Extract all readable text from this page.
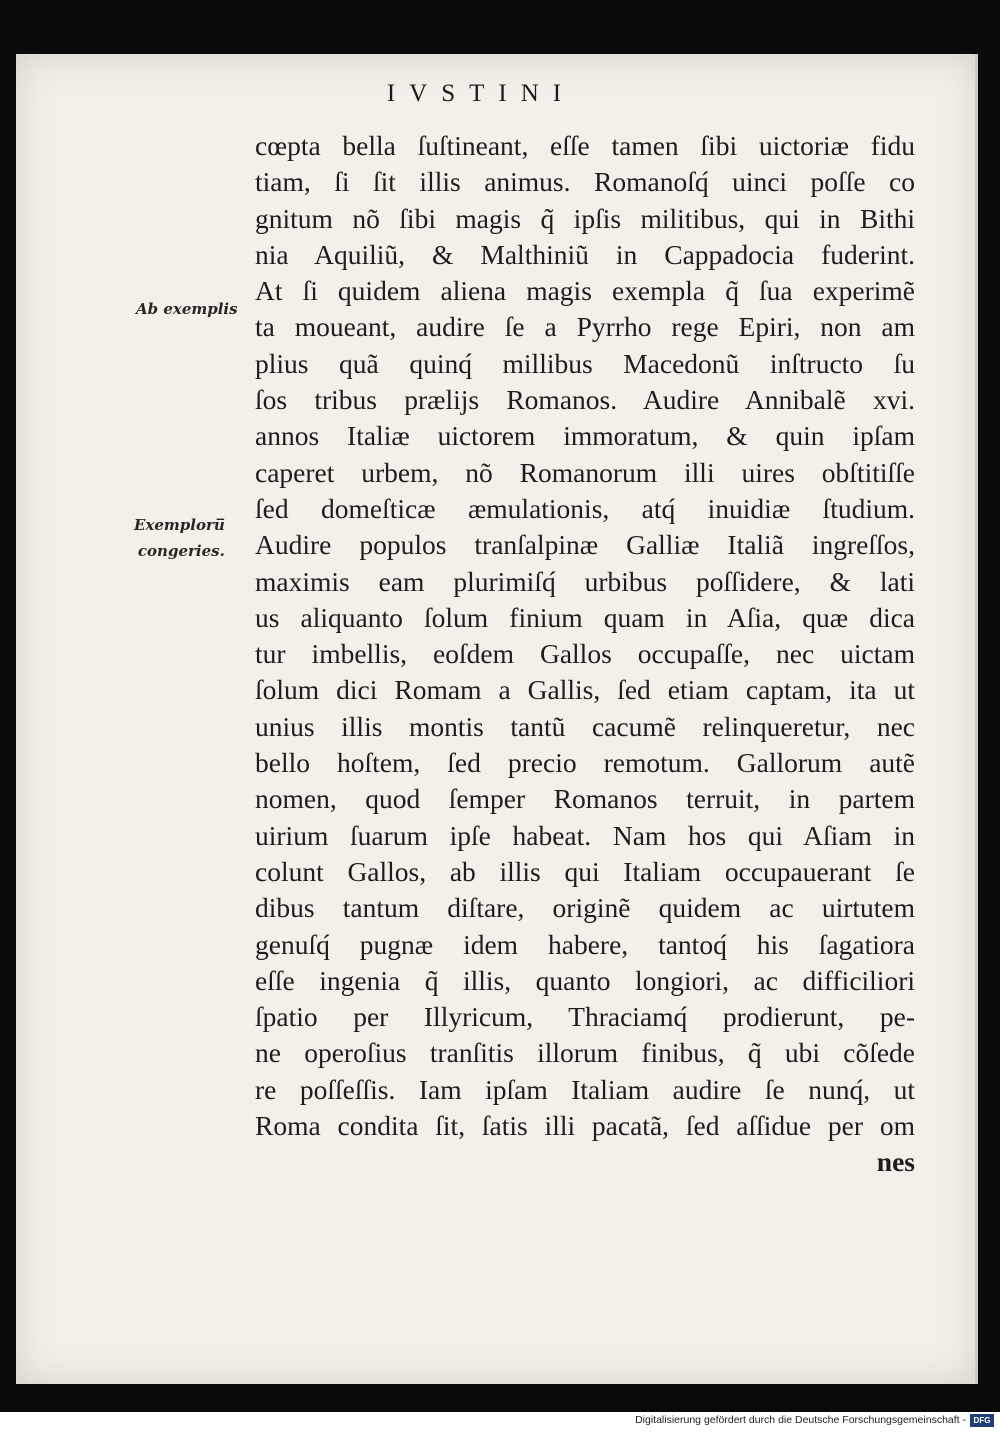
IVSTINI
Ab exemplis
Exemploru̅
congeries.
cœpta bella ſuſtineant, eſſe tamen ſibi uictoriæ fidu
tiam, ſi ſit illis animus. Romanoſq́ uinci poſſe co
gnitum nõ ſibi magis q̃ ipſis militibus, qui in Bithi
nia Aquiliũ, & Malthiniũ in Cappadocia fuderint.
At ſi quidem aliena magis exempla q̃ ſua experimẽ
ta moueant, audire ſe a Pyrrho rege Epiri, non am
plius quã quinq́ millibus Macedonũ inſtructo ſu
ſos tribus prælijs Romanos. Audire Annibalẽ xvi.
annos Italiæ uictorem immoratum, & quin ipſam
caperet urbem, nõ Romanorum illi uires obſtitiſſe
ſed domeſticæ æmulationis, atq́ inuidiæ ſtudium.
Audire populos tranſalpinæ Galliæ Italiã ingreſſos,
maximis eam plurimiſq́ urbibus poſſidere, & lati
us aliquanto ſolum finium quam in Aſia, quæ dica
tur imbellis, eoſdem Gallos occupaſſe, nec uictam
ſolum dici Romam a Gallis, ſed etiam captam, ita ut
unius illis montis tantũ cacumẽ relinqueretur, nec
bello hoſtem, ſed precio remotum. Gallorum autẽ
nomen, quod ſemper Romanos terruit, in partem
uirium ſuarum ipſe habeat. Nam hos qui Aſiam in
colunt Gallos, ab illis qui Italiam occupauerant ſe
dibus tantum diſtare, originẽ quidem ac uirtutem
genuſq́ pugnæ idem habere, tantoq́ his ſagatiora
eſſe ingenia q̃ illis, quanto longiori, ac difficiliori
ſpatio per Illyricum, Thraciamq́ prodierunt, pe‐
ne operoſius tranſitis illorum finibus, q̃ ubi cõſede
re poſſeſſis. Iam ipſam Italiam audire ſe nunq́, ut
Roma condita ſit, ſatis illi pacatã, ſed aſſidue per om
nes
Digitalisierung gefördert durch die Deutsche Forschungsgemeinschaft - DFG
